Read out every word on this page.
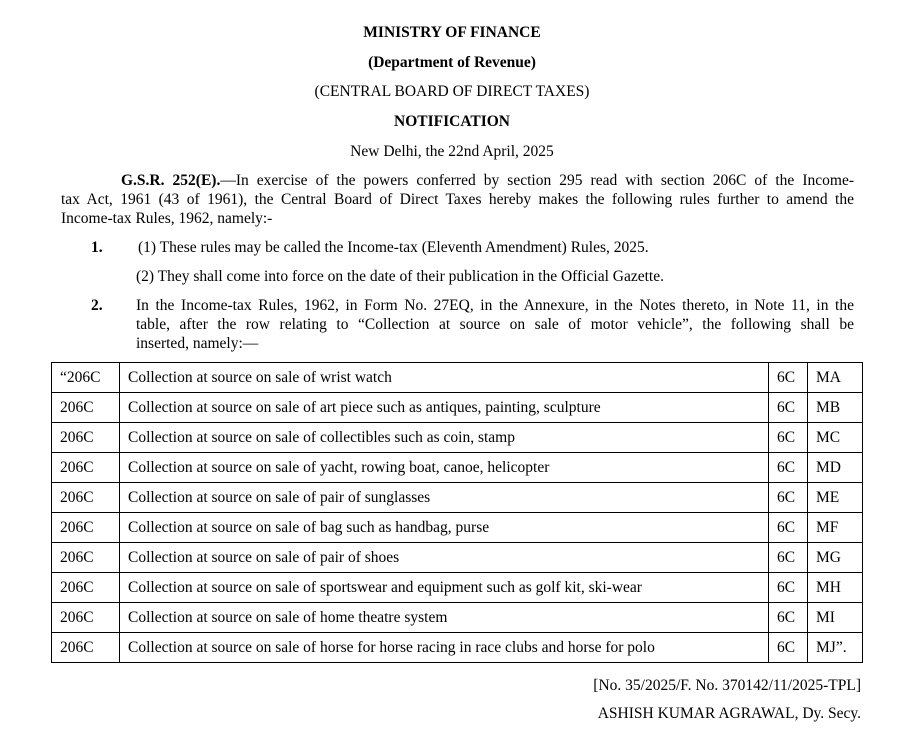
MINISTRY OF FINANCE
(Department of Revenue)
(CENTRAL BOARD OF DIRECT TAXES)
NOTIFICATION
New Delhi, the 22nd April, 2025
G.S.R. 252(E).—In exercise of the powers conferred by section 295 read with section 206C of the Income-
tax Act, 1961 (43 of 1961), the Central Board of Direct Taxes hereby makes the following rules further to amend the
Income-tax Rules, 1962, namely:-
1. (1) These rules may be called the Income-tax (Eleventh Amendment) Rules, 2025.
(2) They shall come into force on the date of their publication in the Official Gazette.
2. In the Income-tax Rules, 1962, in Form No. 27EQ, in the Annexure, in the Notes thereto, in Note 11, in the
table, after the row relating to “Collection at source on sale of motor vehicle”, the following shall be
inserted, namely:—
“206C	Collection at source on sale of wrist watch	6C	MA
206C	Collection at source on sale of art piece such as antiques, painting, sculpture	6C	MB
206C	Collection at source on sale of collectibles such as coin, stamp	6C	MC
206C	Collection at source on sale of yacht, rowing boat, canoe, helicopter	6C	MD
206C	Collection at source on sale of pair of sunglasses	6C	ME
206C	Collection at source on sale of bag such as handbag, purse	6C	MF
206C	Collection at source on sale of pair of shoes	6C	MG
206C	Collection at source on sale of sportswear and equipment such as golf kit, ski-wear	6C	MH
206C	Collection at source on sale of home theatre system	6C	MI
206C	Collection at source on sale of horse for horse racing in race clubs and horse for polo	6C	MJ”.
[No. 35/2025/F. No. 370142/11/2025-TPL]
ASHISH KUMAR AGRAWAL, Dy. Secy.
